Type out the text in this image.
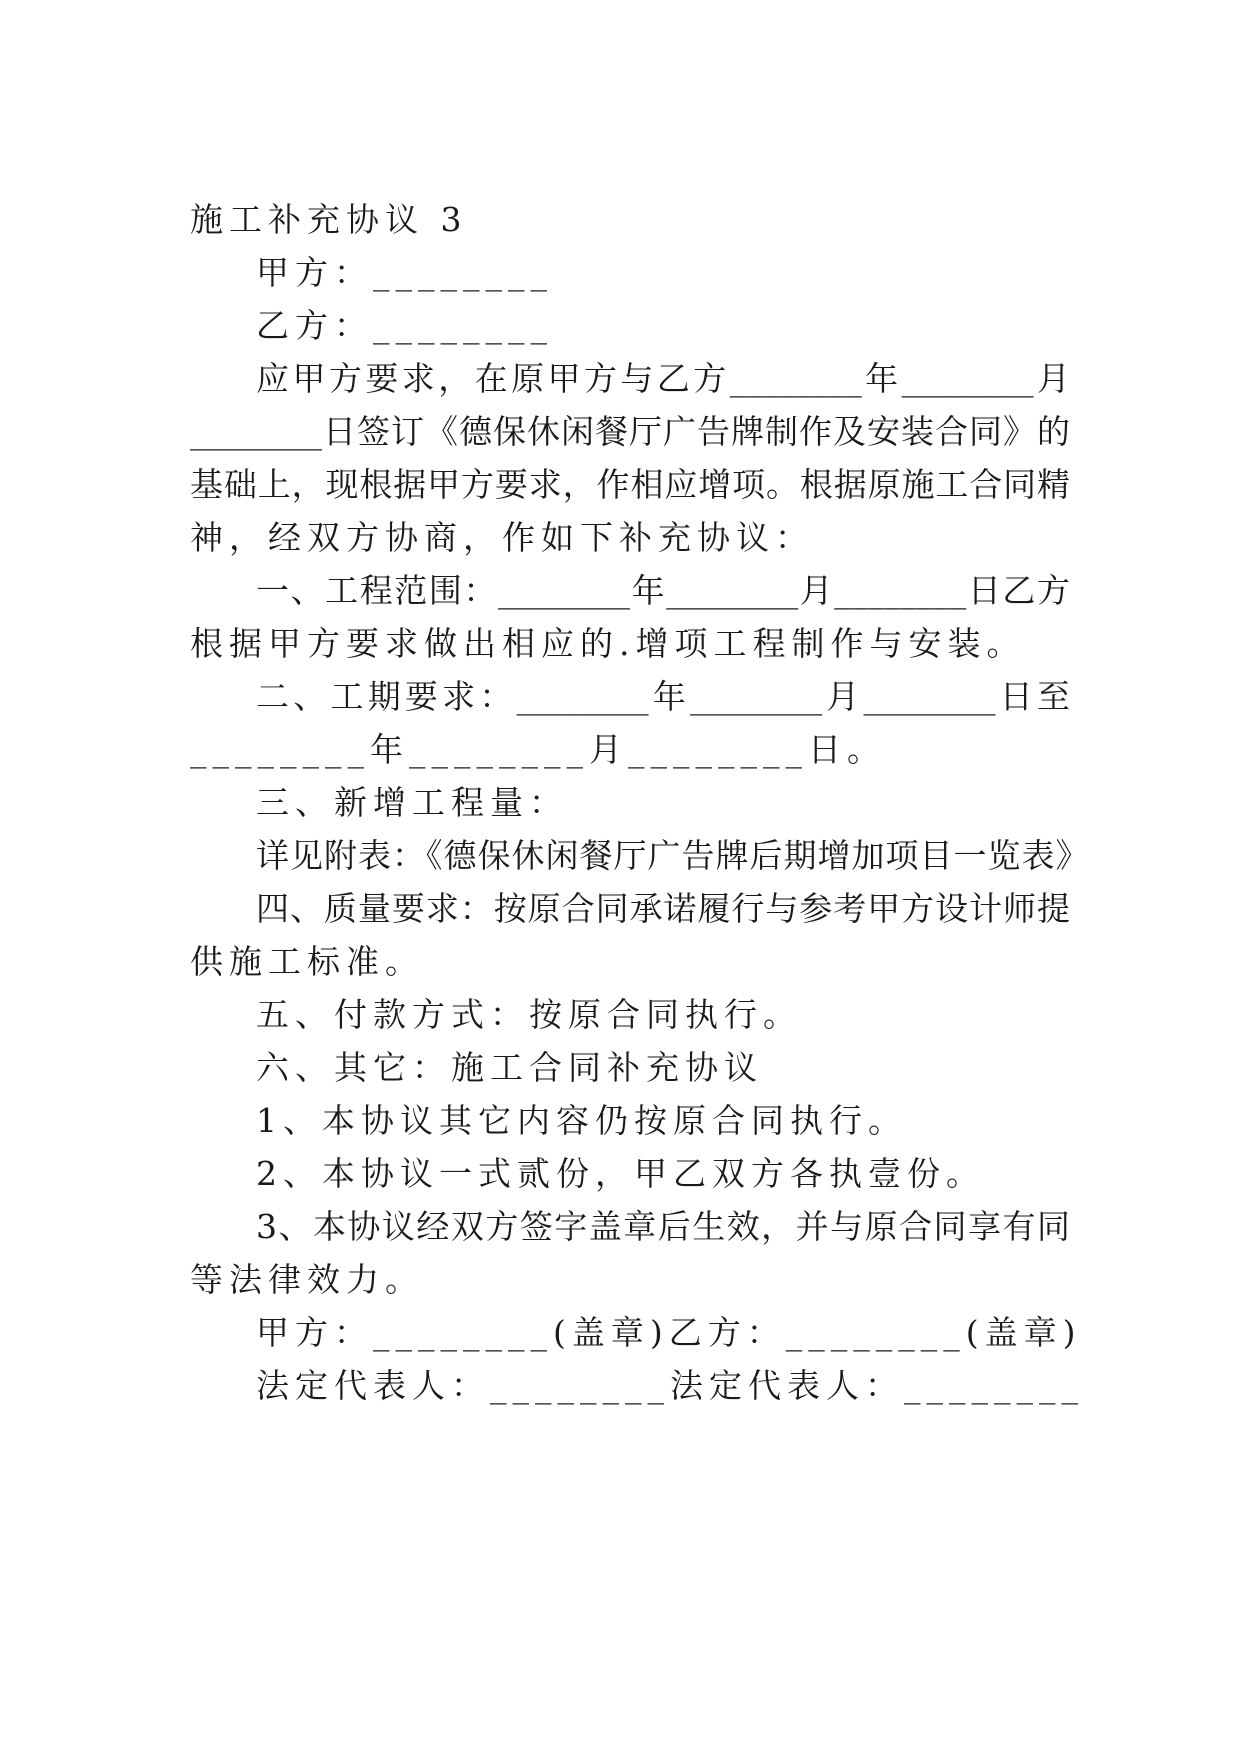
施工补充协议 3
甲方：________
乙方：________
应甲方要求，在原甲方与乙方________年________月
________日签订《德保休闲餐厅广告牌制作及安装合同》的
基础上，现根据甲方要求，作相应增项。根据原施工合同精
神，经双方协商，作如下补充协议：
一、工程范围：________年________月________日乙方
根据甲方要求做出相应的.增项工程制作与安装。
二、工期要求：________年________月________日至
________年________月________日。
三、新增工程量：
详见附表：《德保休闲餐厅广告牌后期增加项目一览表》
四、质量要求：按原合同承诺履行与参考甲方设计师提
供施工标准。
五、付款方式：按原合同执行。
六、其它：施工合同补充协议
1、本协议其它内容仍按原合同执行。
2、本协议一式贰份，甲乙双方各执壹份。
3、本协议经双方签字盖章后生效，并与原合同享有同
等法律效力。
甲方：________(盖章)乙方：________(盖章)
法定代表人：________法定代表人：________
